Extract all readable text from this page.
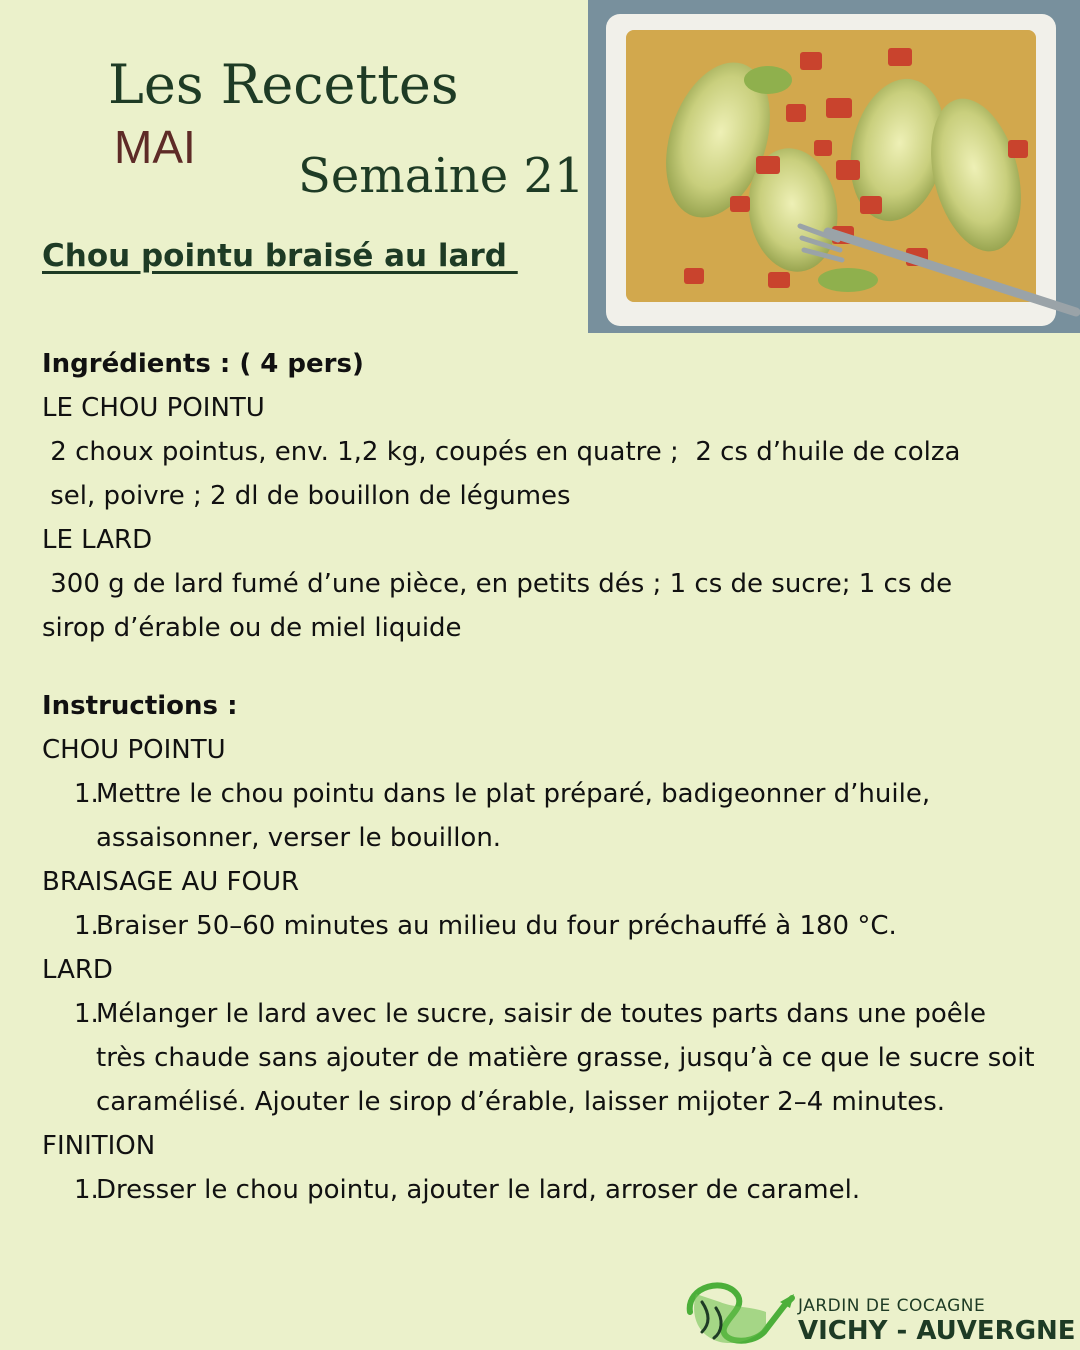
Les Recettes
MAI
Semaine 21
Chou pointu braisé au lard
Ingrédients : ( 4 pers)
LE CHOU POINTU
2 choux pointus, env. 1,2 kg, coupés en quatre ;  2 cs d’huile de colza
sel, poivre ; 2 dl de bouillon de légumes
LE LARD
300 g de lard fumé d’une pièce, en petits dés ; 1 cs de sucre; 1 cs de
sirop d’érable ou de miel liquide
Instructions :
CHOU POINTU
1.
Mettre le chou pointu dans le plat préparé, badigeonner d’huile, assaisonner, verser le bouillon.
BRAISAGE AU FOUR
1.
Braiser 50–60 minutes au milieu du four préchauffé à 180 °C.
LARD
1.
Mélanger le lard avec le sucre, saisir de toutes parts dans une poêle très chaude sans ajouter de matière grasse, jusqu’à ce que le sucre soit caramélisé. Ajouter le sirop d’érable, laisser mijoter 2–4 minutes.
FINITION
1.
Dresser le chou pointu, ajouter le lard, arroser de caramel.
JARDIN DE COCAGNE
VICHY - AUVERGNE
